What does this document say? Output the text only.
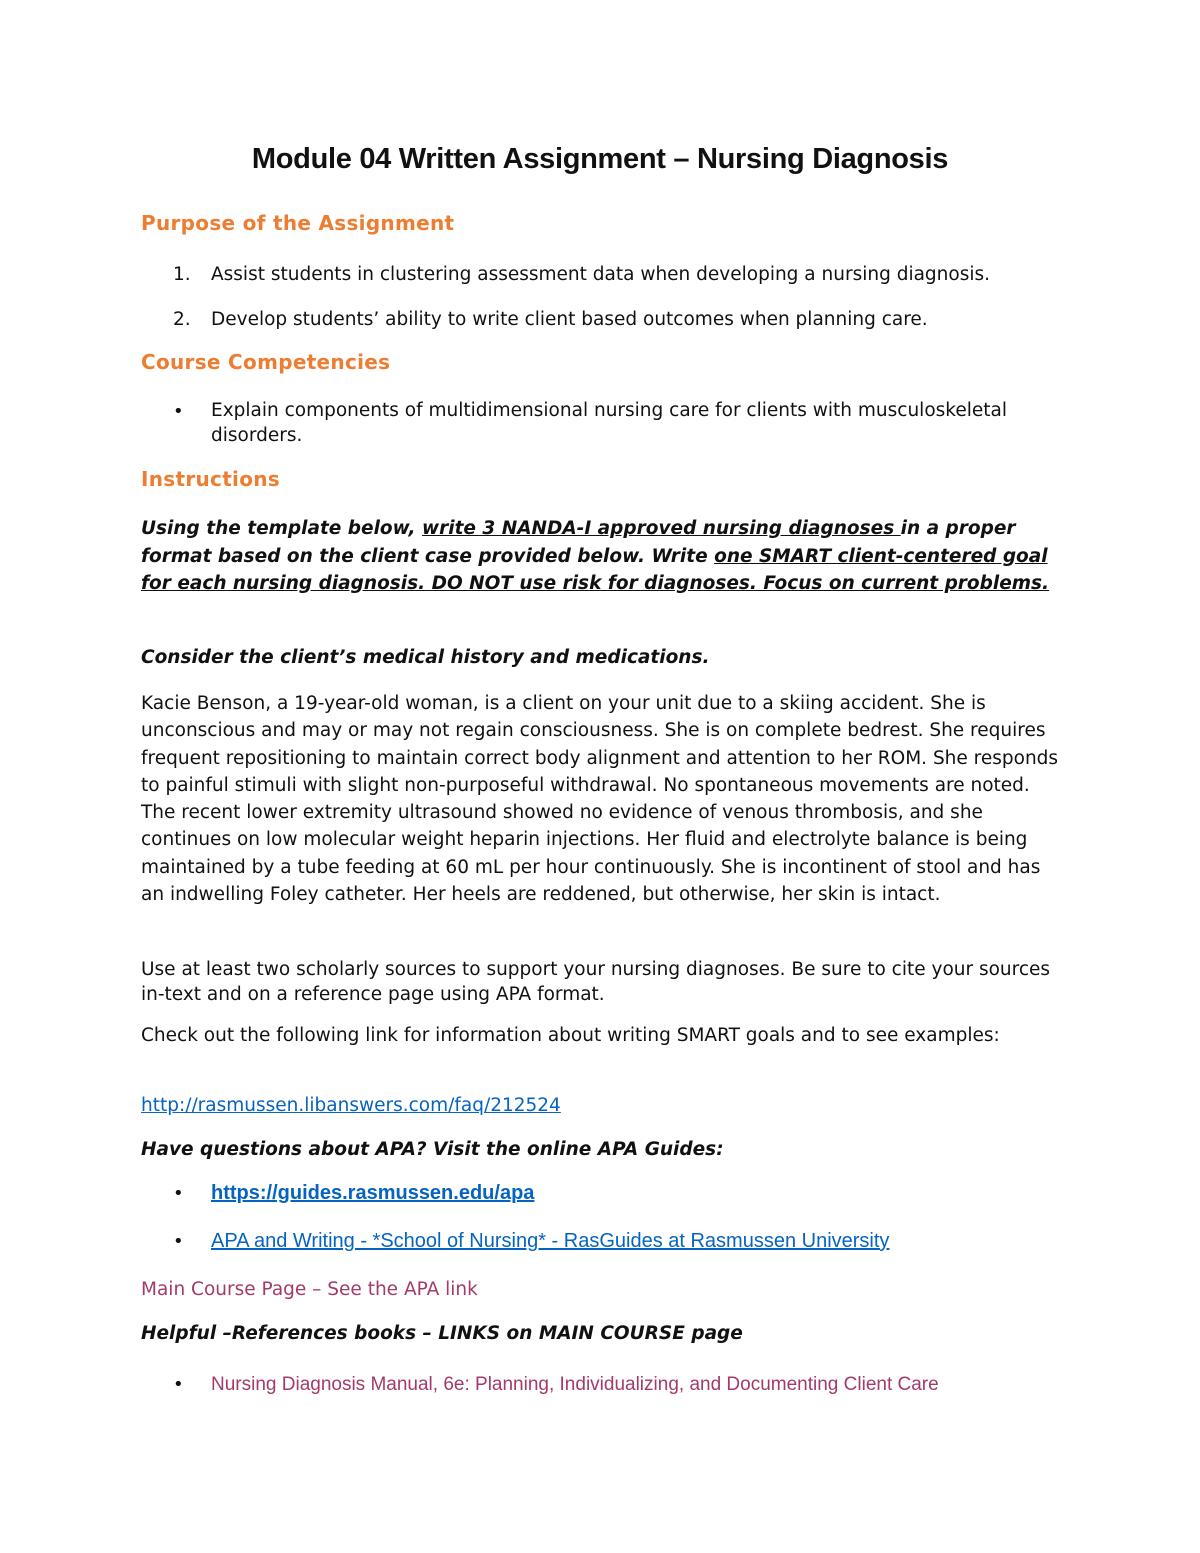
Module 04 Written Assignment – Nursing Diagnosis
Purpose of the Assignment
1. Assist students in clustering assessment data when developing a nursing diagnosis.
2. Develop students’ ability to write client based outcomes when planning care.
Course Competencies
• Explain components of multidimensional nursing care for clients with musculoskeletal disorders.
Instructions

Using the template below, write 3 NANDA-I approved nursing diagnoses in a proper format based on the client case provided below. Write one SMART client-centered goal for each nursing diagnosis. DO NOT use risk for diagnoses. Focus on current problems.

Consider the client’s medical history and medications.

Kacie Benson, a 19-year-old woman, is a client on your unit due to a skiing accident. She is unconscious and may or may not regain consciousness. She is on complete bedrest. She requires frequent repositioning to maintain correct body alignment and attention to her ROM. She responds to painful stimuli with slight non-purposeful withdrawal. No spontaneous movements are noted. The recent lower extremity ultrasound showed no evidence of venous thrombosis, and she continues on low molecular weight heparin injections. Her fluid and electrolyte balance is being maintained by a tube feeding at 60 mL per hour continuously. She is incontinent of stool and has an indwelling Foley catheter. Her heels are reddened, but otherwise, her skin is intact.

Use at least two scholarly sources to support your nursing diagnoses. Be sure to cite your sources in-text and on a reference page using APA format.

Check out the following link for information about writing SMART goals and to see examples:

http://rasmussen.libanswers.com/faq/212524

Have questions about APA? Visit the online APA Guides:

• https://guides.rasmussen.edu/apa
• APA and Writing - *School of Nursing* - RasGuides at Rasmussen University

Main Course Page – See the APA link

Helpful –References books – LINKS on MAIN COURSE page

• Nursing Diagnosis Manual, 6e: Planning, Individualizing, and Documenting Client Care
